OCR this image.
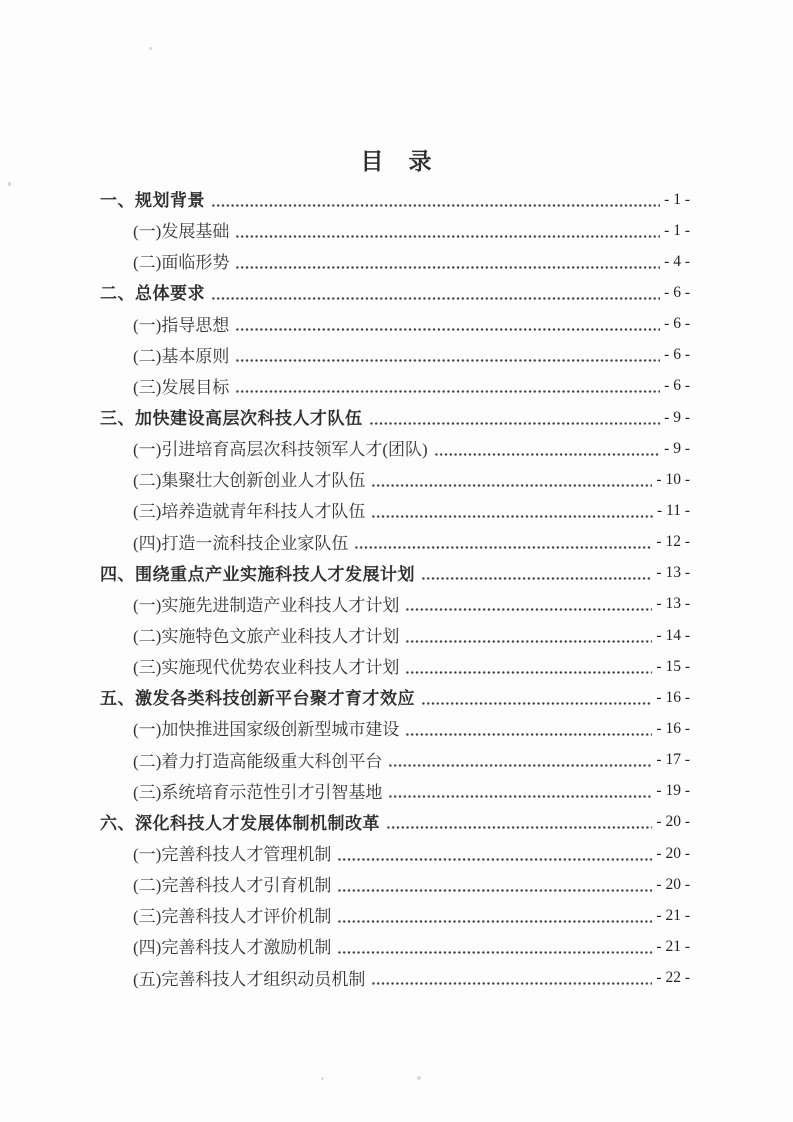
目　录
一、规划背景	- 1 -
(一)发展基础	- 1 -
(二)面临形势	- 4 -
二、总体要求	- 6 -
(一)指导思想	- 6 -
(二)基本原则	- 6 -
(三)发展目标	- 6 -
三、加快建设高层次科技人才队伍	- 9 -
(一)引进培育高层次科技领军人才(团队)	- 9 -
(二)集聚壮大创新创业人才队伍	- 10 -
(三)培养造就青年科技人才队伍	- 11 -
(四)打造一流科技企业家队伍	- 12 -
四、围绕重点产业实施科技人才发展计划	- 13 -
(一)实施先进制造产业科技人才计划	- 13 -
(二)实施特色文旅产业科技人才计划	- 14 -
(三)实施现代优势农业科技人才计划	- 15 -
五、激发各类科技创新平台聚才育才效应	- 16 -
(一)加快推进国家级创新型城市建设	- 16 -
(二)着力打造高能级重大科创平台	- 17 -
(三)系统培育示范性引才引智基地	- 19 -
六、深化科技人才发展体制机制改革	- 20 -
(一)完善科技人才管理机制	- 20 -
(二)完善科技人才引育机制	- 20 -
(三)完善科技人才评价机制	- 21 -
(四)完善科技人才激励机制	- 21 -
(五)完善科技人才组织动员机制	- 22 -
